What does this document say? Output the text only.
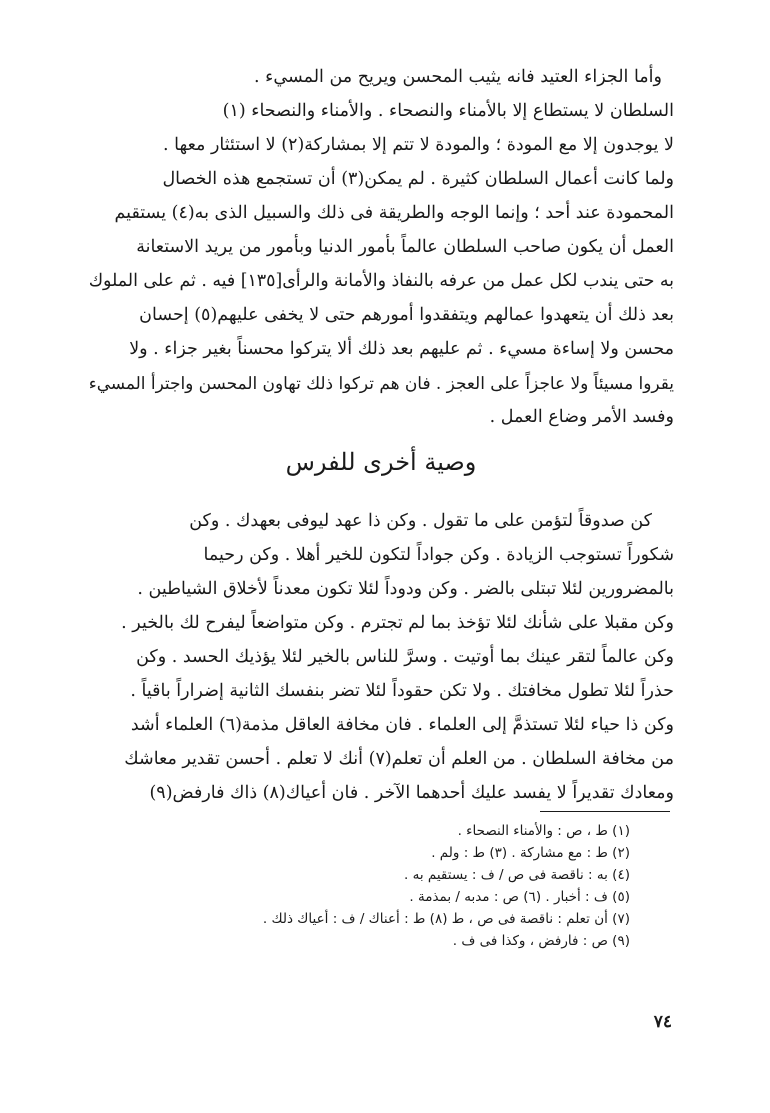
وأما الجزاء العتيد فانه يثيب المحسن ويريح من المسيء .
السلطان لا يستطاع إلا بالأمناء والنصحاء . والأمناء والنصحاء (١)
لا يوجدون إلا مع المودة ؛ والمودة لا تتم إلا بمشاركة(٢) لا استئثار معها .
ولما كانت أعمال السلطان كثيرة . لم يمكن(٣) أن تستجمع هذه الخصال
المحمودة عند أحد ؛ وإنما الوجه والطريقة فى ذلك والسبيل الذى به(٤) يستقيم
العمل أن يكون صاحب السلطان عالماً بأمور الدنيا وبأمور من يريد الاستعانة
به حتى يندب لكل عمل من عرفه بالنفاذ والأمانة والرأى[١٣٥] فيه . ثم على الملوك
بعد ذلك أن يتعهدوا عمالهم ويتفقدوا أمورهم حتى لا يخفى عليهم(٥) إحسان
محسن ولا إساءة مسيء . ثم عليهم بعد ذلك ألا يتركوا محسناً بغير جزاء . ولا
يقروا مسيئاً ولا عاجزاً على العجز . فان هم تركوا ذلك تهاون المحسن واجترأ المسيء
وفسد الأمر وضاع العمل .
وصية أخرى للفرس
كن صدوقاً لتؤمن على ما تقول . وكن ذا عهد ليوفى بعهدك . وكن
شكوراً تستوجب الزيادة . وكن جواداً لتكون للخير أهلا . وكن رحيما
بالمضرورين لئلا تبتلى بالضر . وكن ودوداً لئلا تكون معدناً لأخلاق الشياطين .
وكن مقبلا على شأنك لئلا تؤخذ بما لم تجترم . وكن متواضعاً ليفرح لك بالخير .
وكن عالماً لتقر عينك بما أوتيت . وسرَّ للناس بالخير لئلا يؤذيك الحسد . وكن
حذراً لئلا تطول مخافتك . ولا تكن حقوداً لئلا تضر بنفسك الثانية إضراراً باقياً .
وكن ذا حياء لئلا تستذمَّ إلى العلماء . فان مخافة العاقل مذمة(٦) العلماء أشد
من مخافة السلطان . من العلم أن تعلم(٧) أنك لا تعلم . أحسن تقدير معاشك
ومعادك تقديراً لا يفسد عليك أحدهما الآخر . فان أعياك(٨) ذاك فارفض(٩)
(١) ط ، ص : والأمناء النصحاء .
(٢) ط : مع مشاركة . (٣) ط : ولم .
(٤) به : ناقصة فى ص / ف : يستقيم به .
(٥) ف : أخبار . (٦) ص : مدبه / بمذمة .
(٧) أن تعلم : ناقصة فى ص ، ط (٨) ط : أعناك / ف : أعياك ذلك .
(٩) ص : فارفض ، وكذا فى ف .
٧٤
